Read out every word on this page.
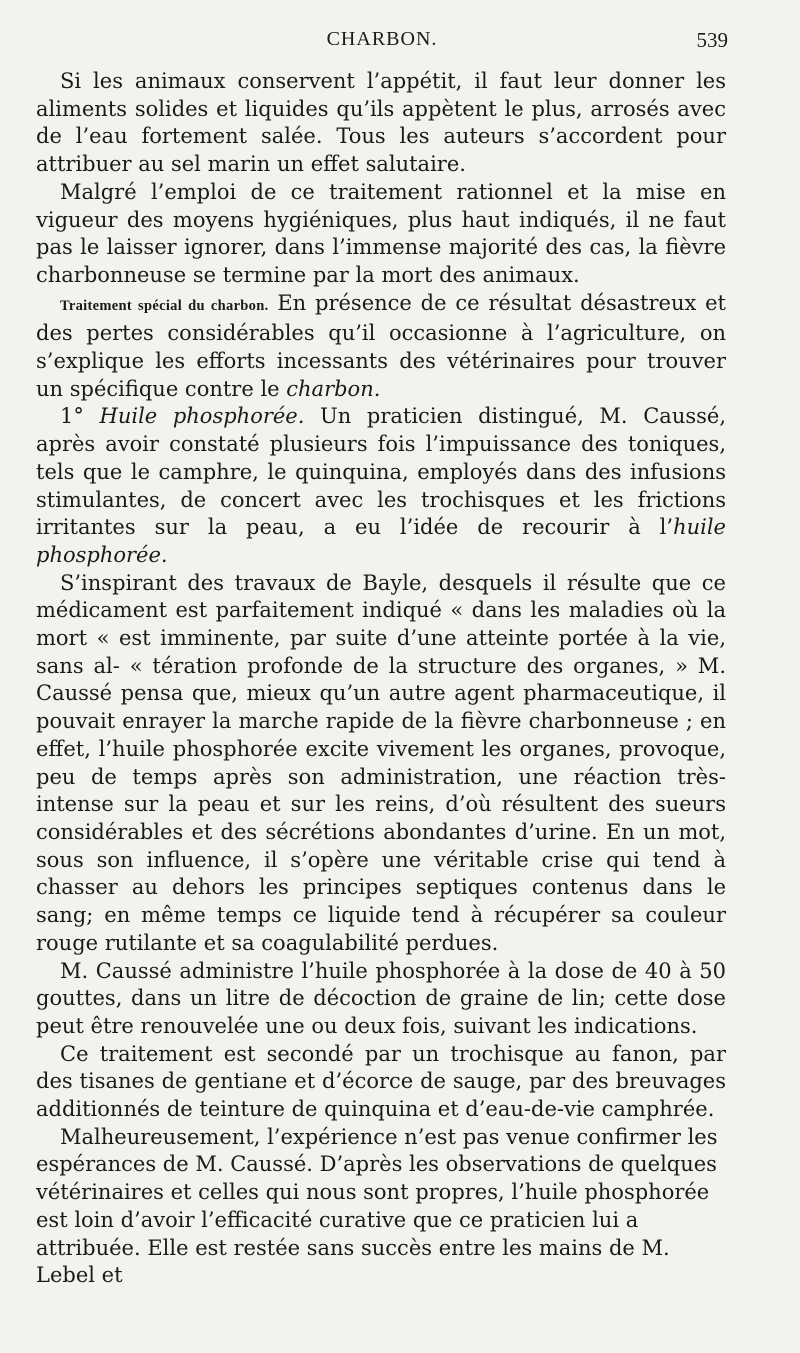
CHARBON.	539

Si les animaux conservent l’appétit, il faut leur donner les aliments solides et liquides qu’ils appètent le plus, arrosés avec de l’eau fortement salée. Tous les auteurs s’accordent pour attribuer au sel marin un effet salutaire.

Malgré l’emploi de ce traitement rationnel et la mise en vigueur des moyens hygiéniques, plus haut indiqués, il ne faut pas le laisser ignorer, dans l’immense majorité des cas, la fièvre charbonneuse se termine par la mort des animaux.

Traitement spécial du charbon. En présence de ce résultat désastreux et des pertes considérables qu’il occasionne à l’agriculture, on s’explique les efforts incessants des vétérinaires pour trouver un spécifique contre le charbon.

1° Huile phosphorée. Un praticien distingué, M. Caussé, après avoir constaté plusieurs fois l’impuissance des toniques, tels que le camphre, le quinquina, employés dans des infusions stimulantes, de concert avec les trochisques et les frictions irritantes sur la peau, a eu l’idée de recourir à l’huile phosphorée.

S’inspirant des travaux de Bayle, desquels il résulte que ce médicament est parfaitement indiqué « dans les maladies où la mort « est imminente, par suite d’une atteinte portée à la vie, sans al- « tération profonde de la structure des organes, » M. Caussé pensa que, mieux qu’un autre agent pharmaceutique, il pouvait enrayer la marche rapide de la fièvre charbonneuse ; en effet, l’huile phosphorée excite vivement les organes, provoque, peu de temps après son administration, une réaction très-intense sur la peau et sur les reins, d’où résultent des sueurs considérables et des sécrétions abondantes d’urine. En un mot, sous son influence, il s’opère une véritable crise qui tend à chasser au dehors les principes septiques contenus dans le sang; en même temps ce liquide tend à récupérer sa couleur rouge rutilante et sa coagulabilité perdues.

M. Caussé administre l’huile phosphorée à la dose de 40 à 50 gouttes, dans un litre de décoction de graine de lin; cette dose peut être renouvelée une ou deux fois, suivant les indications.

Ce traitement est secondé par un trochisque au fanon, par des tisanes de gentiane et d’écorce de sauge, par des breuvages additionnés de teinture de quinquina et d’eau-de-vie camphrée.

Malheureusement, l’expérience n’est pas venue confirmer les espérances de M. Caussé. D’après les observations de quelques vétérinaires et celles qui nous sont propres, l’huile phosphorée est loin d’avoir l’efficacité curative que ce praticien lui a attribuée. Elle est restée sans succès entre les mains de M. Lebel et
